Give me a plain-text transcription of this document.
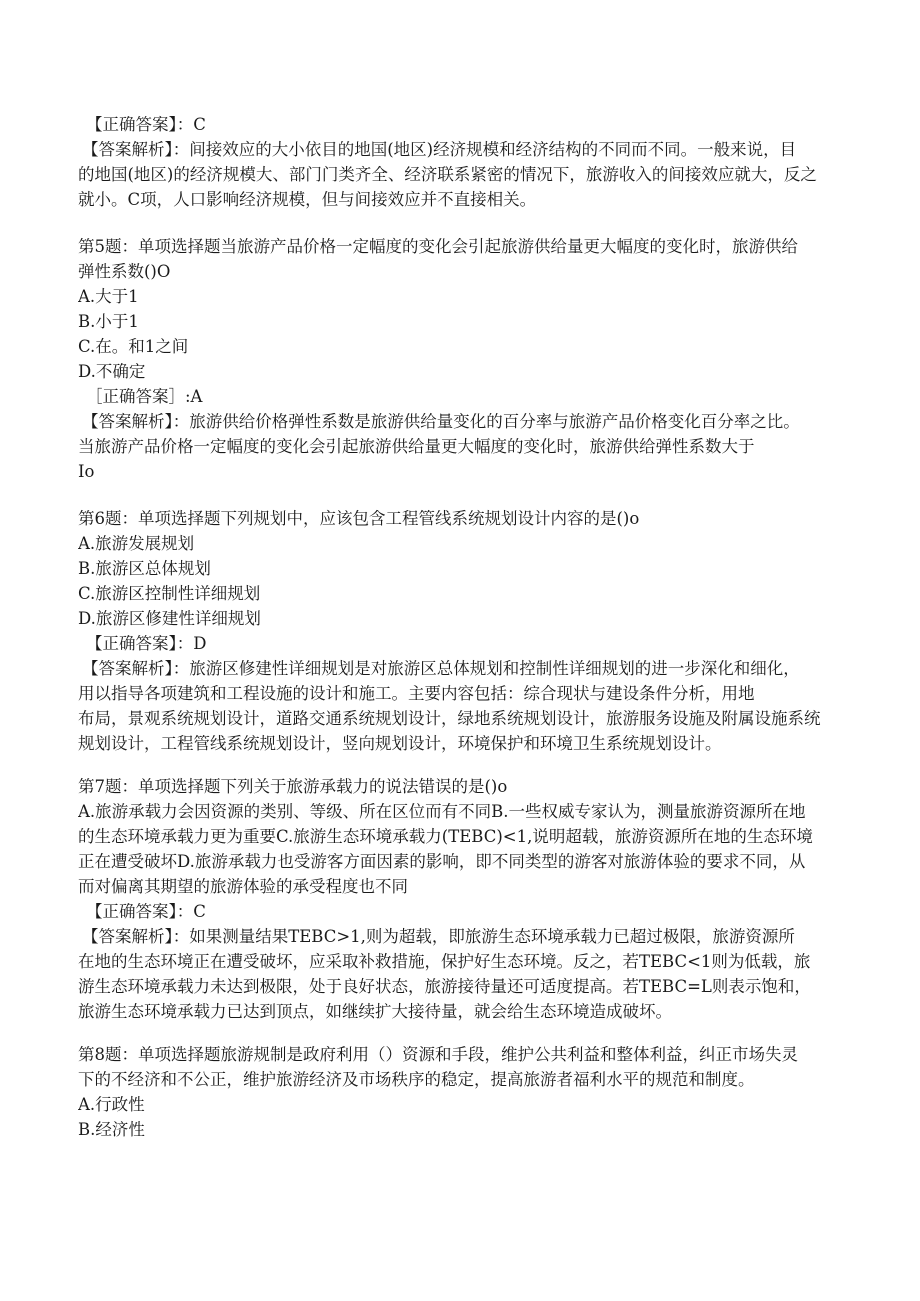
【正确答案】：C

【答案解析】：间接效应的大小依目的地国(地区)经济规模和经济结构的不同而不同。一般来说，目

的地国(地区)的经济规模大、部门门类齐全、经济联系紧密的情况下，旅游收入的间接效应就大，反之

就小。C项，人口影响经济规模，但与间接效应并不直接相关。

第5题：单项选择题当旅游产品价格一定幅度的变化会引起旅游供给量更大幅度的变化时，旅游供给

弹性系数()O

A.大于1

B.小于1

C.在。和1之间

D.不确定

［正确答案］:A

【答案解析】：旅游供给价格弹性系数是旅游供给量变化的百分率与旅游产品价格变化百分率之比。

当旅游产品价格一定幅度的变化会引起旅游供给量更大幅度的变化时，旅游供给弹性系数大于

Io

第6题：单项选择题下列规划中，应该包含工程管线系统规划设计内容的是()o

A.旅游发展规划

B.旅游区总体规划

C.旅游区控制性详细规划

D.旅游区修建性详细规划

【正确答案】：D

【答案解析】：旅游区修建性详细规划是对旅游区总体规划和控制性详细规划的进一步深化和细化，

用以指导各项建筑和工程设施的设计和施工。主要内容包括：综合现状与建设条件分析，用地

布局，景观系统规划设计，道路交通系统规划设计，绿地系统规划设计，旅游服务设施及附属设施系统

规划设计，工程管线系统规划设计，竖向规划设计，环境保护和环境卫生系统规划设计。

第7题：单项选择题下列关于旅游承载力的说法错误的是()o

A.旅游承载力会因资源的类别、等级、所在区位而有不同B.一些权威专家认为，测量旅游资源所在地

的生态环境承载力更为重要C.旅游生态环境承载力(TEBC)<1,说明超载，旅游资源所在地的生态环境

正在遭受破坏D.旅游承载力也受游客方面因素的影响，即不同类型的游客对旅游体验的要求不同，从

而对偏离其期望的旅游体验的承受程度也不同

【正确答案】：C

【答案解析】：如果测量结果TEBC>1,则为超载，即旅游生态环境承载力已超过极限，旅游资源所

在地的生态环境正在遭受破坏，应采取补救措施，保护好生态环境。反之，若TEBC<1则为低载，旅

游生态环境承载力未达到极限，处于良好状态，旅游接待量还可适度提高。若TEBC=L则表示饱和，

旅游生态环境承载力已达到顶点，如继续扩大接待量，就会给生态环境造成破坏。

第8题：单项选择题旅游规制是政府利用（）资源和手段，维护公共利益和整体利益，纠正市场失灵

下的不经济和不公正，维护旅游经济及市场秩序的稳定，提高旅游者福利水平的规范和制度。

A.行政性

B.经济性
